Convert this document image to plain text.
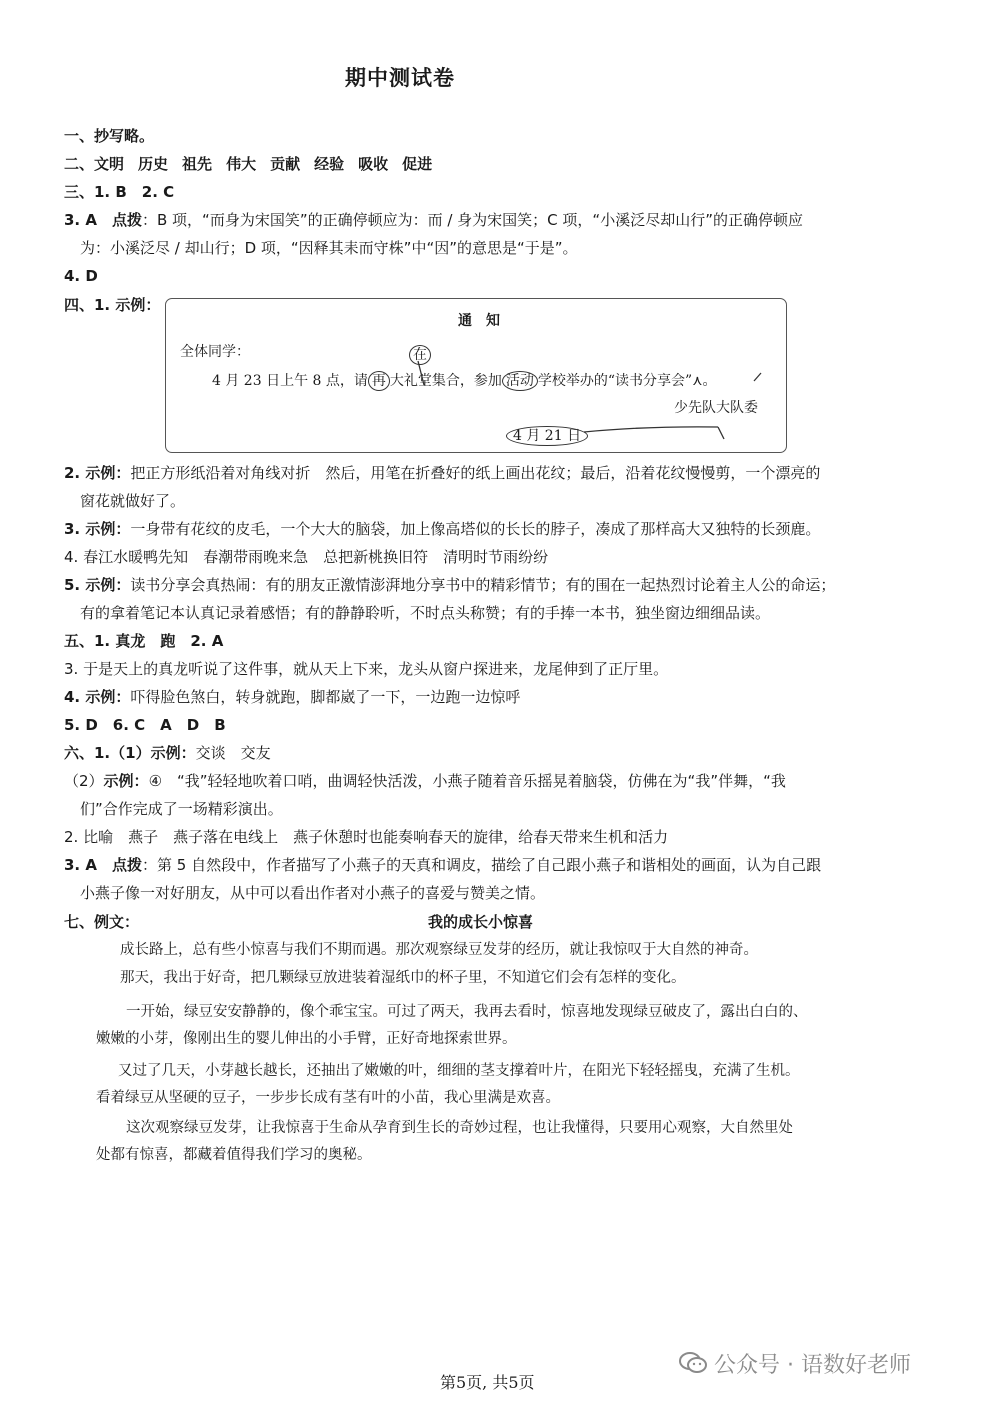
期中测试卷
一、抄写略。
二、文明 历史 祖先 伟大 贡献 经验 吸收 促进
三、1. B　2. C
3. A　点拨：B 项，“而身为宋国笑”的正确停顿应为：而 / 身为宋国笑；C 项，“小溪泛尽却山行”的正确停顿应
为：小溪泛尽 / 却山行；D 项，“因释其耒而守株”中“因”的意思是“于是”。
4. D
四、1. 示例：
通　知
全体同学：	在
4 月 23 日上午 8 点，请 再 大礼堂集合，参加 活动 学校举办的“读书分享会”⋏。
少先队大队委
4 月 21 日
2. 示例：把正方形纸沿着对角线对折　然后，用笔在折叠好的纸上画出花纹；最后，沿着花纹慢慢剪，一个漂亮的
窗花就做好了。
3. 示例：一身带有花纹的皮毛，一个大大的脑袋，加上像高塔似的长长的脖子，凑成了那样高大又独特的长颈鹿。
4. 春江水暖鸭先知　春潮带雨晚来急　总把新桃换旧符　清明时节雨纷纷
5. 示例：读书分享会真热闹：有的朋友正激情澎湃地分享书中的精彩情节；有的围在一起热烈讨论着主人公的命运；
有的拿着笔记本认真记录着感悟；有的静静聆听，不时点头称赞；有的手捧一本书，独坐窗边细细品读。
五、1. 真龙　跑　2. A
3. 于是天上的真龙听说了这件事，就从天上下来，龙头从窗户探进来，龙尾伸到了正厅里。
4. 示例：吓得脸色煞白，转身就跑，脚都崴了一下，一边跑一边惊呼
5. D　6. C　A　D　B
六、1.（1）示例：交谈　交友
（2）示例：④　“我”轻轻地吹着口哨，曲调轻快活泼，小燕子随着音乐摇晃着脑袋，仿佛在为“我”伴舞，“我
们”合作完成了一场精彩演出。
2. 比喻　燕子　燕子落在电线上　燕子休憩时也能奏响春天的旋律，给春天带来生机和活力
3. A　点拨：第 5 自然段中，作者描写了小燕子的天真和调皮，描绘了自己跟小燕子和谐相处的画面，认为自己跟
小燕子像一对好朋友，从中可以看出作者对小燕子的喜爱与赞美之情。
七、例文：	我的成长小惊喜
成长路上，总有些小惊喜与我们不期而遇。那次观察绿豆发芽的经历，就让我惊叹于大自然的神奇。
那天，我出于好奇，把几颗绿豆放进装着湿纸巾的杯子里，不知道它们会有怎样的变化。
一开始，绿豆安安静静的，像个乖宝宝。可过了两天，我再去看时，惊喜地发现绿豆破皮了，露出白白的、
嫩嫩的小芽，像刚出生的婴儿伸出的小手臂，正好奇地探索世界。
又过了几天，小芽越长越长，还抽出了嫩嫩的叶，细细的茎支撑着叶片，在阳光下轻轻摇曳，充满了生机。
看着绿豆从坚硬的豆子，一步步长成有茎有叶的小苗，我心里满是欢喜。
这次观察绿豆发芽，让我惊喜于生命从孕育到生长的奇妙过程，也让我懂得，只要用心观察，大自然里处
处都有惊喜，都藏着值得我们学习的奥秘。
公众号 · 语数好老师
第5页, 共5页
